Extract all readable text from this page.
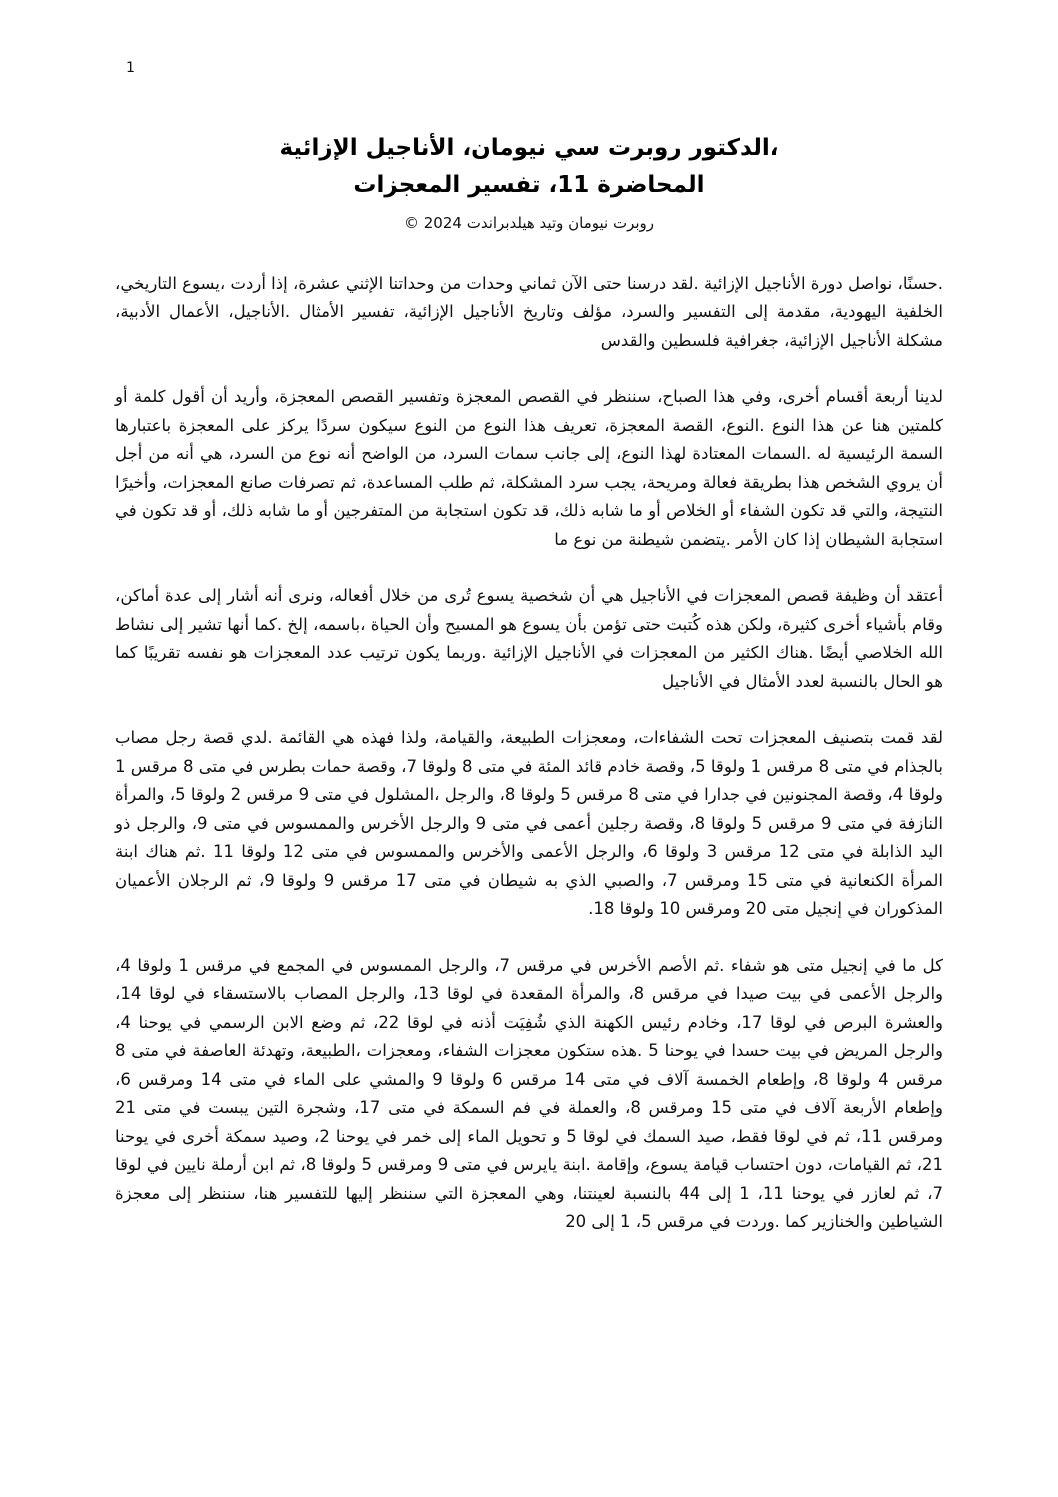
1
،الدكتور روبرت سي نيومان، الأناجيل الإزائية
المحاضرة 11، تفسير المعجزات
روبرت نيومان وتيد هيلدبراندت 2024 ©

.حسنًا، نواصل دورة الأناجيل الإزائية .لقد درسنا حتى الآن ثماني وحدات من وحداتنا الإثني عشرة، إذا أردت ،يسوع التاريخي، الخلفية اليهودية، مقدمة إلى التفسير والسرد، مؤلف وتاريخ الأناجيل الإزائية، تفسير الأمثال .الأناجيل، الأعمال الأدبية، مشكلة الأناجيل الإزائية، جغرافية فلسطين والقدس

لدينا أربعة أقسام أخرى، وفي هذا الصباح، سننظر في القصص المعجزة وتفسير القصص المعجزة، وأريد أن أقول كلمة أو كلمتين هنا عن هذا النوع .النوع، القصة المعجزة، تعريف هذا النوع من النوع سيكون سردًا يركز على المعجزة باعتبارها السمة الرئيسية له .السمات المعتادة لهذا النوع، إلى جانب سمات السرد، من الواضح أنه نوع من السرد، هي أنه من أجل أن يروي الشخص هذا بطريقة فعالة ومريحة، يجب سرد المشكلة، ثم طلب المساعدة، ثم تصرفات صانع المعجزات، وأخيرًا النتيجة، والتي قد تكون الشفاء أو الخلاص أو ما شابه ذلك، قد تكون استجابة من المتفرجين أو ما شابه ذلك، أو قد تكون في استجابة الشيطان إذا كان الأمر .يتضمن شيطنة من نوع ما

أعتقد أن وظيفة قصص المعجزات في الأناجيل هي أن شخصية يسوع تُرى من خلال أفعاله، ونرى أنه أشار إلى عدة أماكن، وقام بأشياء أخرى كثيرة، ولكن هذه كُتبت حتى تؤمن بأن يسوع هو المسيح وأن الحياة ،باسمه، إلخ .كما أنها تشير إلى نشاط الله الخلاصي أيضًا .هناك الكثير من المعجزات في الأناجيل الإزائية .وربما يكون ترتيب عدد المعجزات هو نفسه تقريبًا كما هو الحال بالنسبة لعدد الأمثال في الأناجيل

لقد قمت بتصنيف المعجزات تحت الشفاءات، ومعجزات الطبيعة، والقيامة، ولذا فهذه هي القائمة .لدي قصة رجل مصاب بالجذام في متى 8 مرقس 1 ولوقا 5، وقصة خادم قائد المئة في متى 8 ولوقا 7، وقصة حمات بطرس في متى 8 مرقس 1 ولوقا 4، وقصة المجنونين في جدارا في متى 8 مرقس 5 ولوقا 8، والرجل ،المشلول في متى 9 مرقس 2 ولوقا 5، والمرأة النازفة في متى 9 مرقس 5 ولوقا 8، وقصة رجلين أعمى في متى 9 والرجل الأخرس والممسوس في متى 9، والرجل ذو اليد الذابلة في متى 12 مرقس 3 ولوقا 6، والرجل الأعمى والأخرس والممسوس في متى 12 ولوقا 11 .ثم هناك ابنة المرأة الكنعانية في متى 15 ومرقس 7، والصبي الذي به شيطان في متى 17 مرقس 9 ولوقا 9، ثم الرجلان الأعميان المذكوران في إنجيل متى 20 ومرقس 10 ولوقا 18.

كل ما في إنجيل متى هو شفاء .ثم الأصم الأخرس في مرقس 7، والرجل الممسوس في المجمع في مرقس 1 ولوقا 4، والرجل الأعمى في بيت صيدا في مرقس 8، والمرأة المقعدة في لوقا 13، والرجل المصاب بالاستسقاء في لوقا 14، والعشرة البرص في لوقا 17، وخادم رئيس الكهنة الذي شُفِيَت أذنه في لوقا 22، ثم وضع الابن الرسمي في يوحنا 4، والرجل المريض في بيت حسدا في يوحنا 5 .هذه ستكون معجزات الشفاء، ومعجزات ،الطبيعة، وتهدئة العاصفة في متى 8 مرقس 4 ولوقا 8، وإطعام الخمسة آلاف في متى 14 مرقس 6 ولوقا 9 والمشي على الماء في متى 14 ومرقس 6، وإطعام الأربعة آلاف في متى 15 ومرقس 8، والعملة في فم السمكة في متى 17، وشجرة التين يبست في متى 21 ومرقس 11، ثم في لوقا فقط، صيد السمك في لوقا 5 و تحويل الماء إلى خمر في يوحنا 2، وصيد سمكة أخرى في يوحنا 21، ثم القيامات، دون احتساب قيامة يسوع، وإقامة .ابنة يايرس في متى 9 ومرقس 5 ولوقا 8، ثم ابن أرملة نايين في لوقا 7، ثم لعازر في يوحنا 11، 1 إلى 44 بالنسبة لعينتنا، وهي المعجزة التي سننظر إليها للتفسير هنا، سننظر إلى معجزة الشياطين والخنازير كما .وردت في مرقس 5، 1 إلى 20
